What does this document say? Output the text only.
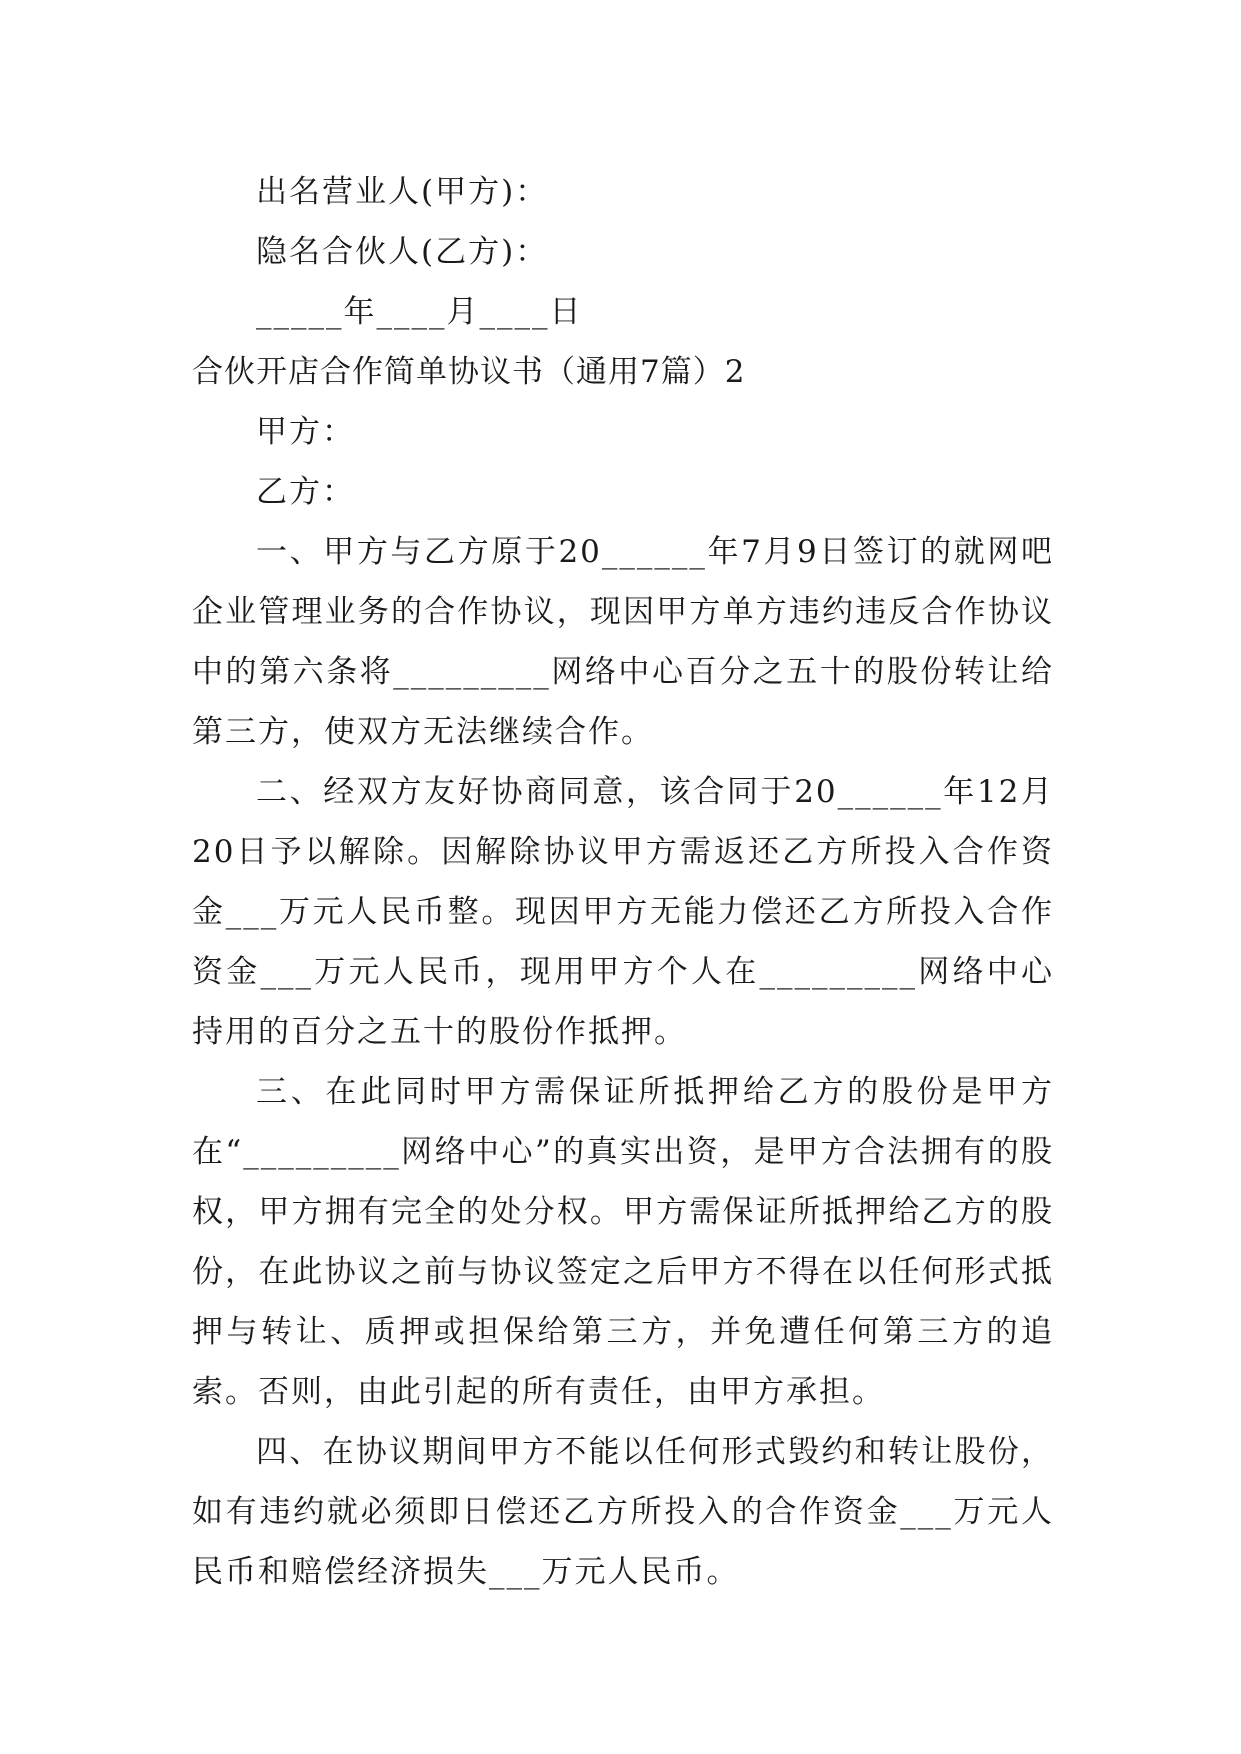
出名营业人(甲方)：
隐名合伙人(乙方)：
_____年____月____日
合伙开店合作简单协议书（通用7篇）2
甲方：
乙方：

一、甲方与乙方原于20______年7月9日签订的就网吧企业管理业务的合作协议，现因甲方单方违约违反合作协议中的第六条将_________网络中心百分之五十的股份转让给第三方，使双方无法继续合作。

二、经双方友好协商同意，该合同于20______年12月20日予以解除。因解除协议甲方需返还乙方所投入合作资金___万元人民币整。现因甲方无能力偿还乙方所投入合作资金___万元人民币，现用甲方个人在_________网络中心持用的百分之五十的股份作抵押。

三、在此同时甲方需保证所抵押给乙方的股份是甲方在“_________网络中心”的真实出资，是甲方合法拥有的股权，甲方拥有完全的处分权。甲方需保证所抵押给乙方的股份，在此协议之前与协议签定之后甲方不得在以任何形式抵押与转让、质押或担保给第三方，并免遭任何第三方的追索。否则，由此引起的所有责任，由甲方承担。

四、在协议期间甲方不能以任何形式毁约和转让股份，如有违约就必须即日偿还乙方所投入的合作资金___万元人民币和赔偿经济损失___万元人民币。
